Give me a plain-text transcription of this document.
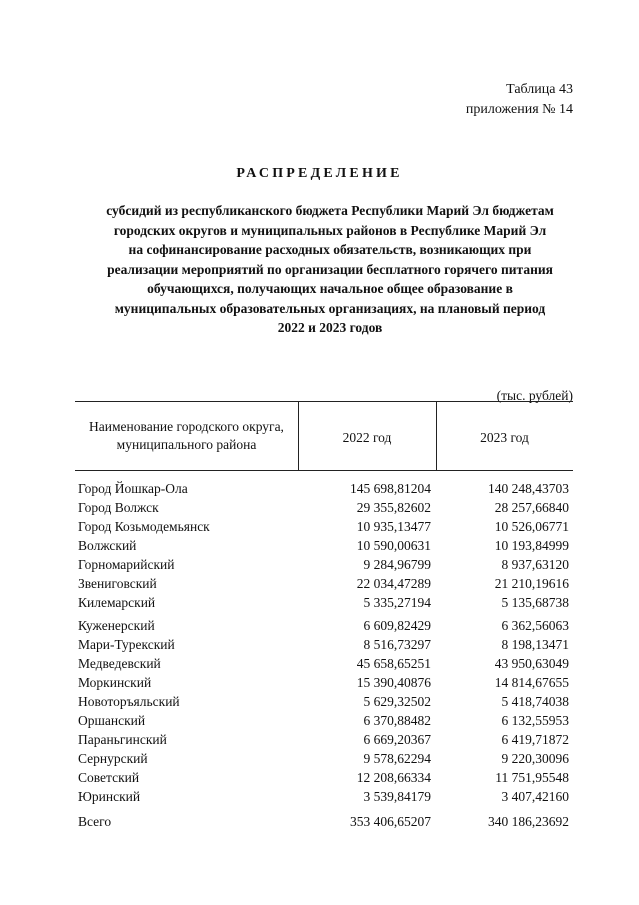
Таблица 43
приложения № 14
РАСПРЕДЕЛЕНИЕ
субсидий из республиканского бюджета Республики Марий Эл бюджетам
городских округов и муниципальных районов в Республике Марий Эл
на софинансирование расходных обязательств, возникающих при
реализации мероприятий по организации бесплатного горячего питания
обучающихся, получающих начальное общее образование в
муниципальных образовательных организациях, на плановый период
2022 и 2023 годов
(тыс. рублей)
Наименование городского округа,
муниципального района	2022 год	2023 год
Город Йошкар-Ола	145 698,81204	140 248,43703
Город Волжск	29 355,82602	28 257,66840
Город Козьмодемьянск	10 935,13477	10 526,06771
Волжский	10 590,00631	10 193,84999
Горномарийский	9 284,96799	8 937,63120
Звениговский	22 034,47289	21 210,19616
Килемарский	5 335,27194	5 135,68738
Куженерский	6 609,82429	6 362,56063
Мари-Турекский	8 516,73297	8 198,13471
Медведевский	45 658,65251	43 950,63049
Моркинский	15 390,40876	14 814,67655
Новоторъяльский	5 629,32502	5 418,74038
Оршанский	6 370,88482	6 132,55953
Параньгинский	6 669,20367	6 419,71872
Сернурский	9 578,62294	9 220,30096
Советский	12 208,66334	11 751,95548
Юринский	3 539,84179	3 407,42160
Всего	353 406,65207	340 186,23692
